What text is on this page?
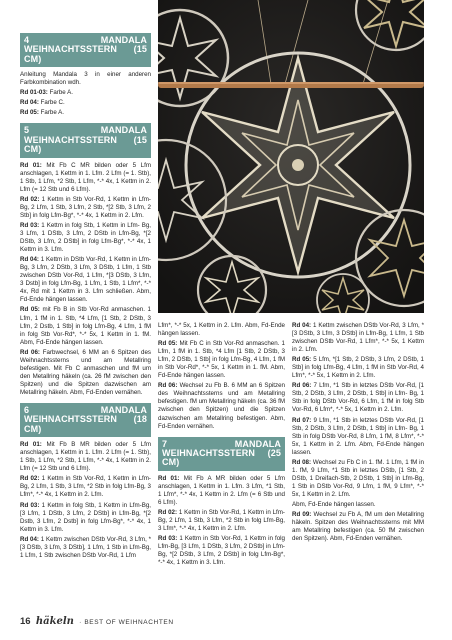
4 MANDALA WEIHNACHTSSTERN (15 CM)

Anleitung Mandala 3 in einer anderen Farbkombination wdh.

Rd 01-03: Farbe A.

Rd 04: Farbe C.

Rd 05: Farbe A.

5 MANDALA WEIHNACHTSSTERN (15 CM)

Rd 01: Mit Fb C MR bilden oder 5 Lfm anschlagen, 1 Kettm in 1. Lfm. 2 Lfm (= 1. Stb), 1 Stb, 1 Lfm, *2 Stb, 1 Lfm, *-* 4x, 1 Kettm in 2. Lfm (= 12 Stb und 6 Lfm).

Rd 02: 1 Kettm in Stb Vor-Rd, 1 Kettm in Lfm-Bg, 2 Lfm, 1 Stb, 3 Lfm, 2 Stb, *[2 Stb, 3 Lfm, 2 Stb] in folg Lfm-Bg*, *-* 4x, 1 Kettm in 2. Lfm.

Rd 03: 1 Kettm in folg Stb, 1 Kettm in Lfm- Bg, 3 Lfm, 1 DStb, 3 Lfm, 2 DStb in Lfm-Bg, *[2 DStb, 3 Lfm, 2 DStb] in folg Lfm-Bg*, *-* 4x, 1 Kettm in 3. Lfm.

Rd 04: 1 Kettm in DStb Vor-Rd, 1 Kettm in Lfm-Bg, 3 Lfm, 2 DStb, 3 Lfm, 3 DStb, 1 Lfm, 1 Stb zwischen DStb Vor-Rd, 1 Lfm, *[3 DStb, 3 Lfm, 3 Dstb] in folg Lfm-Bg, 1 Lfm, 1 Stb, 1 Lfm*, *-* 4x, Rd mit 1 Kettm in 3. Lfm schließen. Abm, Fd-Ende hängen lassen.

Rd 05: mit Fb B in Stb Vor-Rd anmaschen. 1 Lfm, 1 fM in 1. Stb, *4 Lfm, [1 Stb, 2 DStb, 3 Lfm, 2 Dstb, 1 Stb] in folg Lfm-Bg, 4 Lfm, 1 fM in folg Stb Vor-Rd*, *-* 5x, 1 Kettm in 1. fM. Abm, Fd-Ende hängen lassen.

Rd 06: Farbwechsel, 6 MM an 6 Spitzen des Weihnachtssterns und am Metallring befestigen. Mit Fb C anmaschen und fM um den Metallring häkeln (ca. 26 fM zwischen den Spitzen) und die Spitzen dazwischen am Metallring häkeln. Abm, Fd-Enden vernähen.

6 MANDALA WEIHNACHTSSTERN (18 CM)

Rd 01: Mit Fb B MR bilden oder 5 Lfm anschlagen, 1 Kettm in 1. Lfm. 2 Lfm (= 1. Stb), 1 Stb, 1 Lfm, *2 Stb, 1 Lfm, *-* 4x, 1 Kettm in 2. Lfm (= 12 Stb und 6 Lfm).

Rd 02: 1 Kettm in Stb Vor-Rd, 1 Kettm in Lfm-Bg, 2 Lfm, 1 Stb, 3 Lfm, *2 Stb in folg Lfm-Bg, 3 Lfm*, *-* 4x, 1 Kettm in 2. Lfm.

Rd 03: 1 Kettm in folg Stb, 1 Kettm in Lfm-Bg, [3 Lfm, 1 DStb, 3 Lfm, 2 DStb] in Lfm-Bg, *[2 Dstb, 3 Lfm, 2 Dstb] in folg Lfm-Bg*, *-* 4x, 1 Kettm in 3. Lfm.

Rd 04: 1 Kettm zwischen DStb Vor-Rd, 3 Lfm, *[3 DStb, 3 Lfm, 3 DStb], 1 Lfm, 1 Stb in Lfm-Bg, 1 Lfm, 1 Stb zwischen DStb Vor-Rd, 1 Lfm

Lfm*, *-* 5x, 1 Kettm in 2. Lfm. Abm, Fd-Ende hängen lassen.

Rd 05: Mit Fb C in Stb Vor-Rd anmaschen. 1 Lfm, 1 fM in 1. Stb, *4 Lfm [1 Stb, 2 DStb, 3 Lfm, 2 DStb, 1 Stb] in folg Lfm-Bg, 4 Lfm, 1 fM in Stb Vor-Rd*, *-* 5x, 1 Kettm in 1. fM. Abm, Fd-Ende hängen lassen.

Rd 06: Wechsel zu Fb B. 6 MM an 6 Spitzen des Weihnachtssterns und am Metallring befestigen. fM um Metallring häkeln (ca. 36 fM zwischen den Spitzen) und die Spitzen dazwischen am Metallring befestigen. Abm, Fd-Enden vernähen.

7 MANDALA WEIHNACHTSSTERN (25 CM)

Rd 01: Mit Fb A MR bilden oder 5 Lfm anschlagen, 1 Kettm in 1. Lfm. 3 Lfm, *1 Stb, 1 Lfm*, *-* 4x, 1 Kettm in 2. Lfm (= 6 Stb und 6 Lfm).

Rd 02: 1 Kettm in Stb Vor-Rd, 1 Kettm in Lfm-Bg, 2 Lfm, 1 Stb, 3 Lfm, *2 Stb in folg Lfm-Bg, 3 Lfm*, *-* 4x, 1 Kettm in 2. Lfm.

Rd 03: 1 Kettm in Stb Vor-Rd, 1 Kettm in folg Lfm-Bg, [3 Lfm, 1 DStb, 3 Lfm, 2 DStb] in Lfm-Bg, *[2 DStb, 3 Lfm, 2 DStb] in folg Lfm-Bg*, *-* 4x, 1 Kettm in 3. Lfm.

Rd 04: 1 Kettm zwischen DStb Vor-Rd, 3 Lfm, *[3 DStb, 3 Lfm, 3 DStb] in Lfm-Bg, 1 Lfm, 1 Stb zwischen DStb Vor-Rd, 1 Lfm*, *-* 5x, 1 Kettm in 2. Lfm.

Rd 05: 5 Lfm, *[1 Stb, 2 DStb, 3 Lfm, 2 DStb, 1 Stb] in folg Lfm-Bg, 4 Lfm, 1 fM in Stb Vor-Rd, 4 Lfm*, *-* 5x, 1 Kettm in 2. Lfm.

Rd 06: 7 Lfm, *1 Stb in letztes DStb Vor-Rd, [1 Stb, 2 DStb, 3 Lfm, 2 DStb, 1 Stb] in Lfm- Bg, 1 Stb in folg DStb Vor-Rd, 6 Lfm, 1 fM in folg Stb Vor-Rd, 6 Lfm*, *-* 5x, 1 Kettm in 2. Lfm.

Rd 07: 9 Lfm, *1 Stb in letztes DStb Vor-Rd, [1 Stb, 2 DStb, 3 Lfm, 2 DStb, 1 Stb] in Lfm- Bg, 1 Stb in folg DStb Vor-Rd, 8 Lfm, 1 fM, 8 Lfm*, *-* 5x, 1 Kettm in 2. Lfm. Abm, Fd-Ende hängen lassen.

Rd 08: Wechsel zu Fb C in 1. fM. 1 Lfm, 1 fM in 1. fM, 9 Lfm, *1 Stb in letztes DStb, [1 Stb, 2 DStb, 1 Dreifach-Stb, 2 DStb, 1 Stb] in Lfm-Bg, 1 Stb in DStb Vor-Rd, 9 Lfm, 1 fM, 9 Lfm*, *-* 5x, 1 Kettm in 2. Lfm.

Abm, Fd-Ende hängen lassen.

Rd 09: Wechsel zu Fb A, fM um den Metallring häkeln. Spitzen des Weihnachtssterns mit MM am Metallring befestigen (ca. 50 fM zwischen den Spitzen). Abm, Fd-Enden vernähen.

16 häkeln · BEST OF WEIHNACHTEN
